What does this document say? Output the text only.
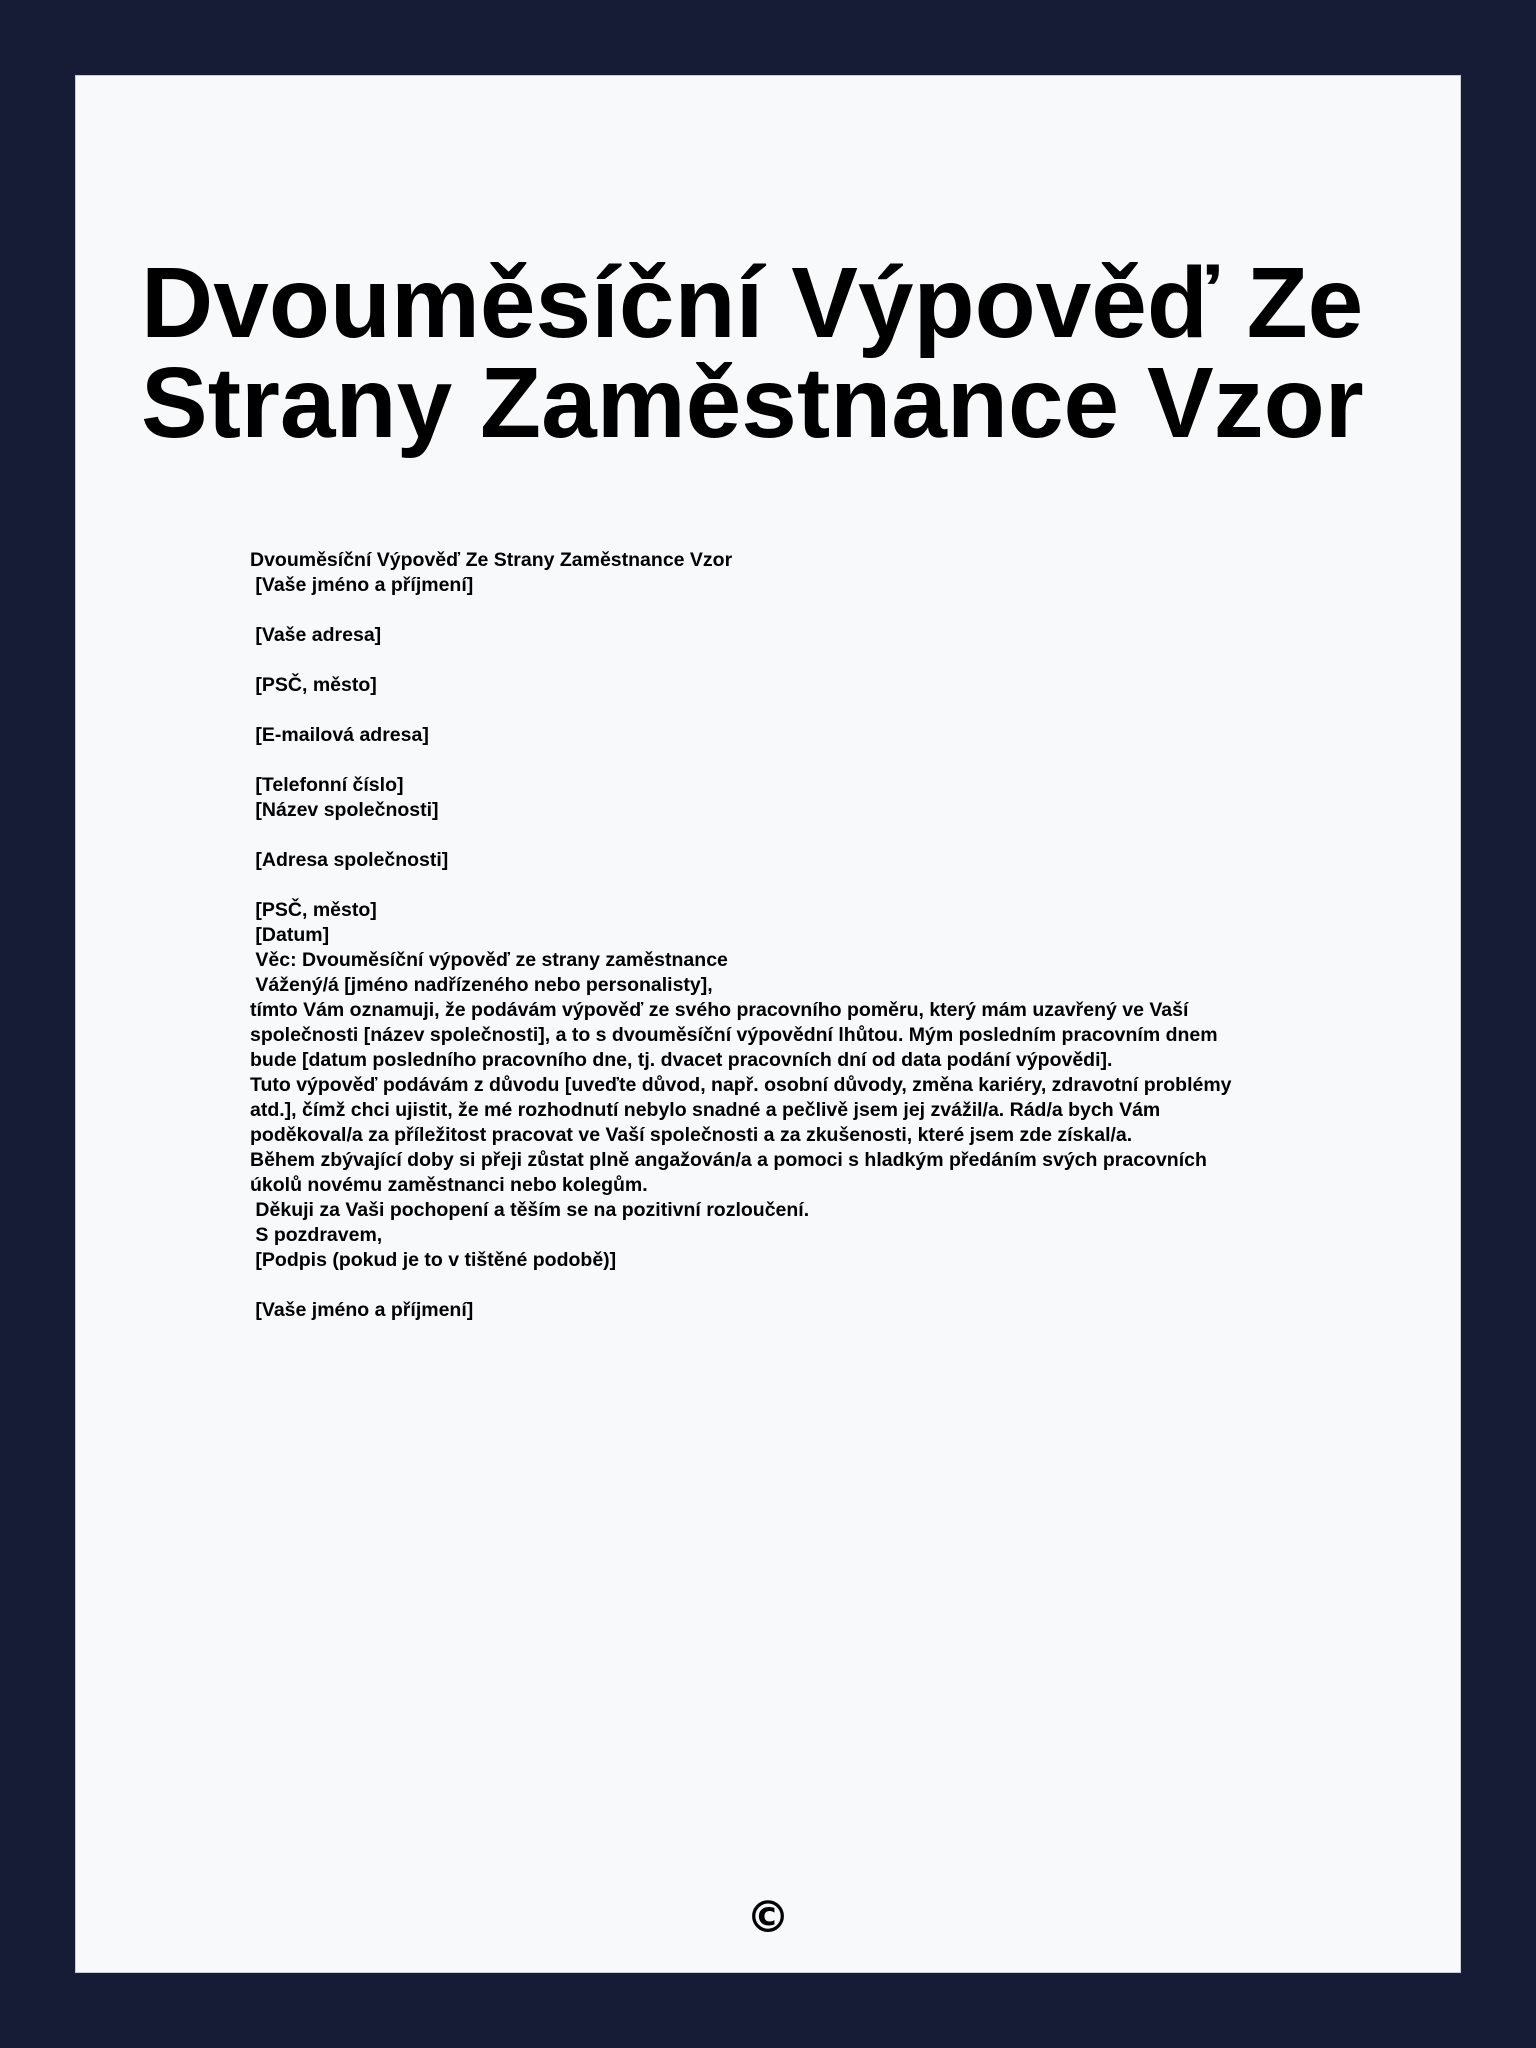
Dvouměsíční Výpověď Ze
Strany Zaměstnance Vzor
Dvouměsíční Výpověď Ze Strany Zaměstnance Vzor
[Vaše jméno a příjmení]
[Vaše adresa]
[PSČ, město]
[E-mailová adresa]
[Telefonní číslo]
[Název společnosti]
[Adresa společnosti]
[PSČ, město]
[Datum]
Věc: Dvouměsíční výpověď ze strany zaměstnance
Vážený/á [jméno nadřízeného nebo personalisty],
tímto Vám oznamuji, že podávám výpověď ze svého pracovního poměru, který mám uzavřený ve Vaší
společnosti [název společnosti], a to s dvouměsíční výpovědní lhůtou. Mým posledním pracovním dnem
bude [datum posledního pracovního dne, tj. dvacet pracovních dní od data podání výpovědi].
Tuto výpověď podávám z důvodu [uveďte důvod, např. osobní důvody, změna kariéry, zdravotní problémy
atd.], čímž chci ujistit, že mé rozhodnutí nebylo snadné a pečlivě jsem jej zvážil/a. Rád/a bych Vám
poděkoval/a za příležitost pracovat ve Vaší společnosti a za zkušenosti, které jsem zde získal/a.
Během zbývající doby si přeji zůstat plně angažován/a a pomoci s hladkým předáním svých pracovních
úkolů novému zaměstnanci nebo kolegům.
Děkuji za Vaši pochopení a těším se na pozitivní rozloučení.
S pozdravem,
[Podpis (pokud je to v tištěné podobě)]
[Vaše jméno a příjmení]
©
